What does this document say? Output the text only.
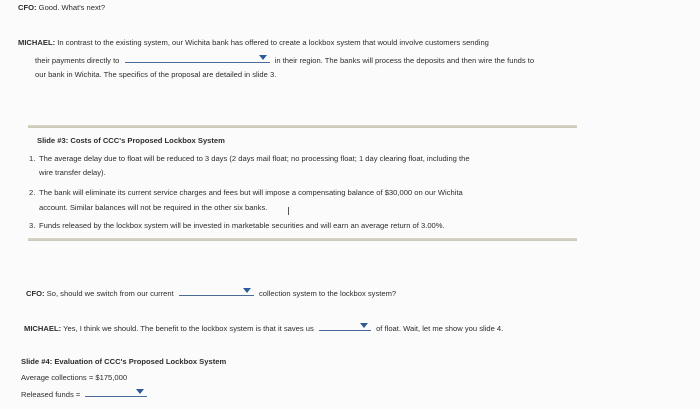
CFO: Good. What's next?
MICHAEL: In contrast to the existing system, our Wichita bank has offered to create a lockbox system that would involve customers sending
their payments directly to	in their region. The banks will process the deposits and then wire the funds to
our bank in Wichita. The specifics of the proposal are detailed in slide 3.
Slide #3: Costs of CCC's Proposed Lockbox System
1. The average delay due to float will be reduced to 3 days (2 days mail float; no processing float; 1 day clearing float, including the
wire transfer delay).
2. The bank will eliminate its current service charges and fees but will impose a compensating balance of $30,000 on our Wichita
account. Similar balances will not be required in the other six banks.
3. Funds released by the lockbox system will be invested in marketable securities and will earn an average return of 3.00%.
CFO: So, should we switch from our current	collection system to the lockbox system?
MICHAEL: Yes, I think we should. The benefit to the lockbox system is that it saves us	of float. Wait, let me show you slide 4.
Slide #4: Evaluation of CCC's Proposed Lockbox System
Average collections = $175,000
Released funds =
